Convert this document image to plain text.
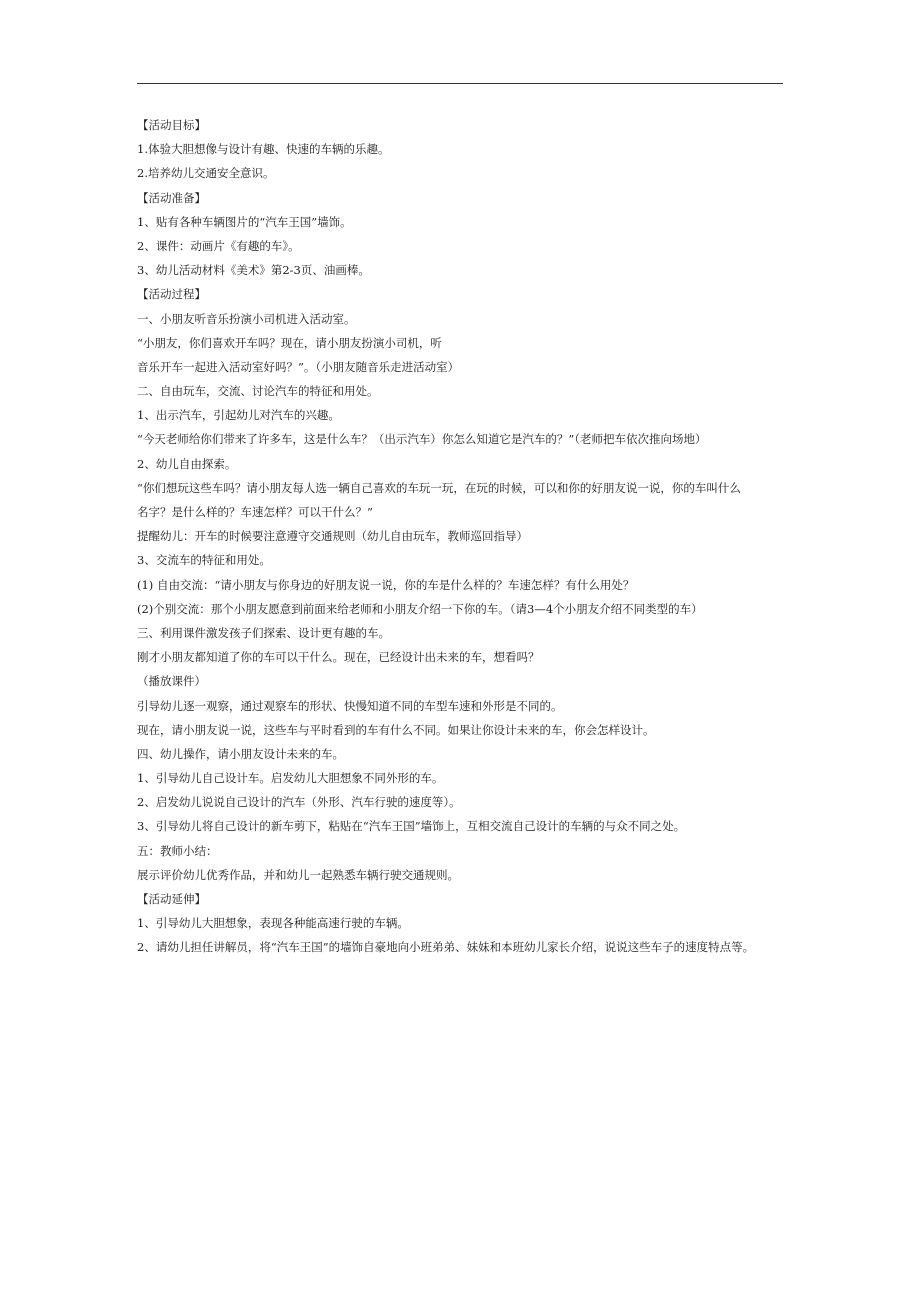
【活动目标】
1.体验大胆想像与设计有趣、快速的车辆的乐趣。
2.培养幼儿交通安全意识。
【活动准备】
1、贴有各种车辆图片的“汽车王国”墙饰。
2、课件：动画片《有趣的车》。
3、幼儿活动材料《美术》第2-3页、油画棒。
【活动过程】
一、小朋友听音乐扮演小司机进入活动室。
“小朋友，你们喜欢开车吗？现在，请小朋友扮演小司机，听
音乐开车一起进入活动室好吗？”。（小朋友随音乐走进活动室）
二、自由玩车，交流、讨论汽车的特征和用处。
1、出示汽车，引起幼儿对汽车的兴趣。
“今天老师给你们带来了许多车，这是什么车？（出示汽车）你怎么知道它是汽车的？”（老师把车依次推向场地）
2、幼儿自由探索。
“你们想玩这些车吗？请小朋友每人选一辆自己喜欢的车玩一玩，在玩的时候，可以和你的好朋友说一说，你的车叫什么
名字？是什么样的？车速怎样？可以干什么？”
提醒幼儿：开车的时候要注意遵守交通规则（幼儿自由玩车，教师巡回指导）
3、交流车的特征和用处。
(1) 自由交流：“请小朋友与你身边的好朋友说一说，你的车是什么样的？车速怎样？有什么用处？
(2)个别交流：那个小朋友愿意到前面来给老师和小朋友介绍一下你的车。（请3—4个小朋友介绍不同类型的车）
三、利用课件激发孩子们探索、设计更有趣的车。
刚才小朋友都知道了你的车可以干什么。现在，已经设计出未来的车，想看吗？
（播放课件）
引导幼儿逐一观察，通过观察车的形状、快慢知道不同的车型车速和外形是不同的。
现在，请小朋友说一说，这些车与平时看到的车有什么不同。如果让你设计未来的车，你会怎样设计。
四、幼儿操作，请小朋友设计未来的车。
1、引导幼儿自己设计车。启发幼儿大胆想象不同外形的车。
2、启发幼儿说说自己设计的汽车（外形、汽车行驶的速度等）。
3、引导幼儿将自己设计的新车剪下，粘贴在“汽车王国”墙饰上，互相交流自己设计的车辆的与众不同之处。
五：教师小结：
展示评价幼儿优秀作品，并和幼儿一起熟悉车辆行驶交通规则。
【活动延伸】
1、引导幼儿大胆想象，表现各种能高速行驶的车辆。
2、请幼儿担任讲解员，将“汽车王国”的墙饰自豪地向小班弟弟、妹妹和本班幼儿家长介绍，说说这些车子的速度特点等。
